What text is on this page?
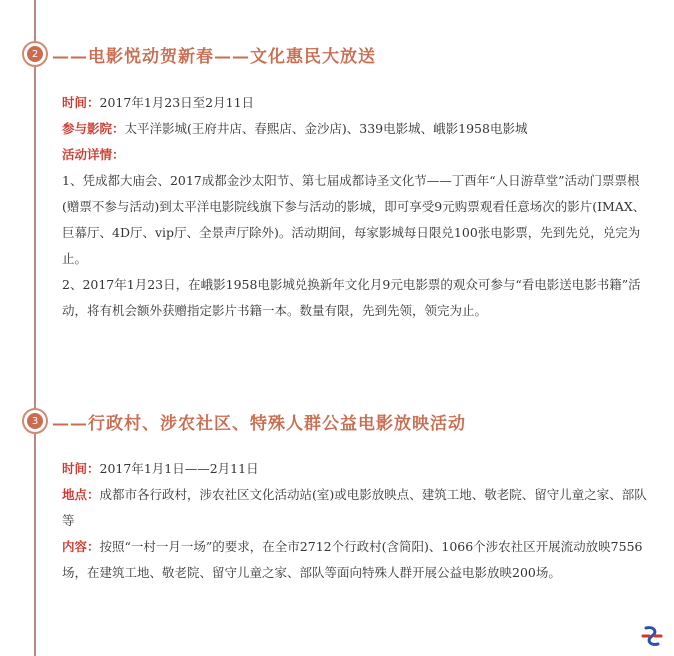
2 ——电影悦动贺新春——文化惠民大放送

时间：2017年1月23日至2月11日

参与影院：太平洋影城(王府井店、春熙店、金沙店)、339电影城、峨影1958电影城

活动详情：

1、凭成都大庙会、2017成都金沙太阳节、第七届成都诗圣文化节——丁酉年“人日游草堂”活动门票票根(赠票不参与活动)到太平洋电影院线旗下参与活动的影城，即可享受9元购票观看任意场次的影片(IMAX、巨幕厅、4D厅、vip厅、全景声厅除外)。活动期间，每家影城每日限兑100张电影票，先到先兑，兑完为止。

2、2017年1月23日，在峨影1958电影城兑换新年文化月9元电影票的观众可参与“看电影送电影书籍”活动，将有机会额外获赠指定影片书籍一本。数量有限，先到先领，领完为止。

3 ——行政村、涉农社区、特殊人群公益电影放映活动

时间：2017年1月1日——2月11日

地点：成都市各行政村，涉农社区文化活动站(室)或电影放映点、建筑工地、敬老院、留守儿童之家、部队等

内容：按照“一村一月一场”的要求，在全市2712个行政村(含简阳)、1066个涉农社区开展流动放映7556场，在建筑工地、敬老院、留守儿童之家、部队等面向特殊人群开展公益电影放映200场。
